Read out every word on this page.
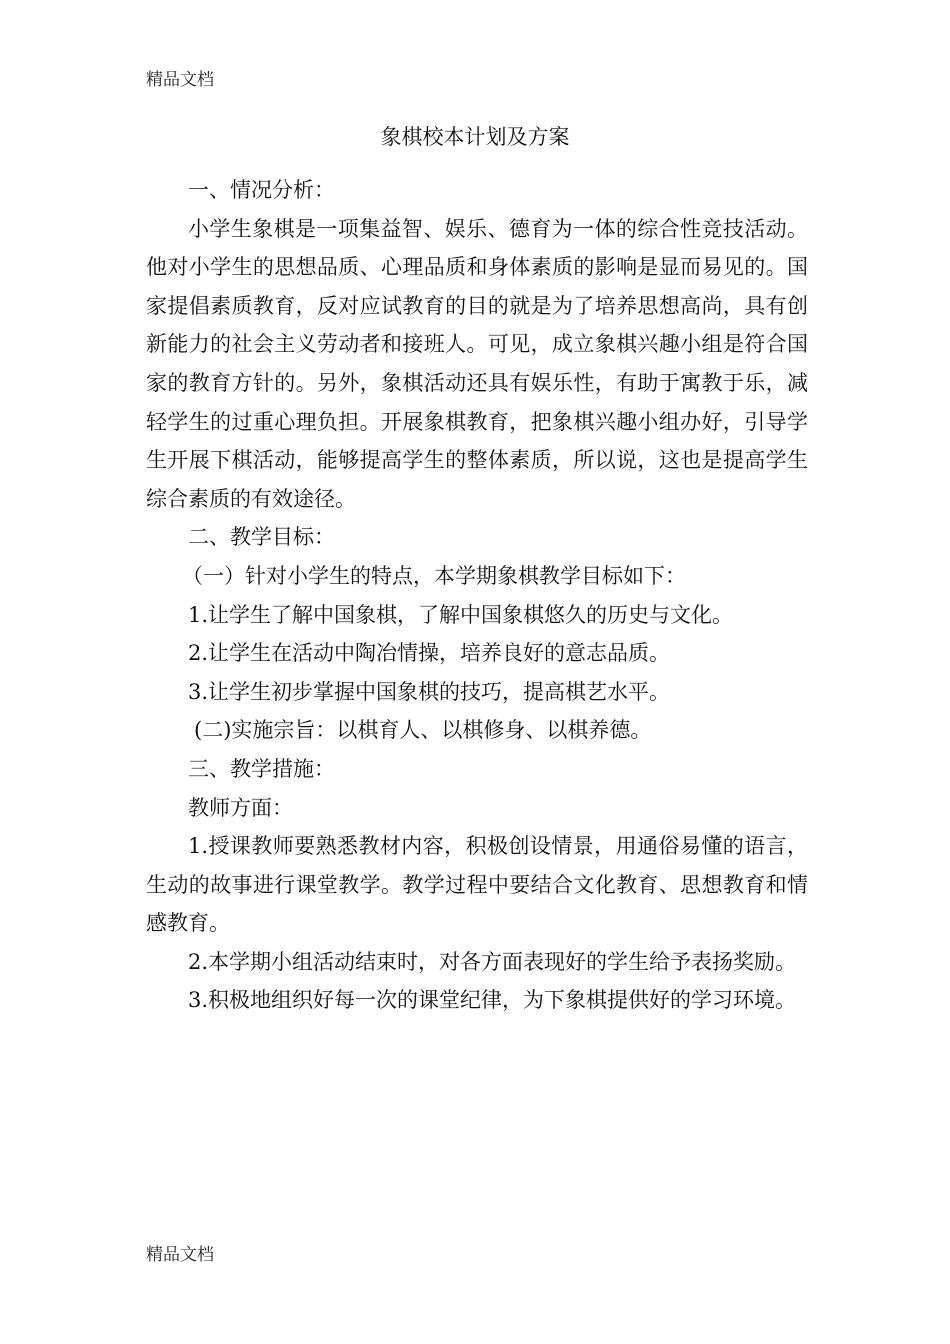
精品文档
象棋校本计划及方案

一、情况分析：

小学生象棋是一项集益智、娱乐、德育为一体的综合性竞技活动。他对小学生的思想品质、心理品质和身体素质的影响是显而易见的。国家提倡素质教育，反对应试教育的目的就是为了培养思想高尚，具有创新能力的社会主义劳动者和接班人。可见，成立象棋兴趣小组是符合国家的教育方针的。另外，象棋活动还具有娱乐性，有助于寓教于乐，减轻学生的过重心理负担。开展象棋教育，把象棋兴趣小组办好，引导学生开展下棋活动，能够提高学生的整体素质，所以说，这也是提高学生综合素质的有效途径。

二、教学目标：

（一）针对小学生的特点，本学期象棋教学目标如下：

1.让学生了解中国象棋，了解中国象棋悠久的历史与文化。

2.让学生在活动中陶冶情操，培养良好的意志品质。

3.让学生初步掌握中国象棋的技巧，提高棋艺水平。

(二)实施宗旨：以棋育人、以棋修身、以棋养德。

三、教学措施：

教师方面：

1.授课教师要熟悉教材内容，积极创设情景，用通俗易懂的语言，生动的故事进行课堂教学。教学过程中要结合文化教育、思想教育和情感教育。

2.本学期小组活动结束时，对各方面表现好的学生给予表扬奖励。

3.积极地组织好每一次的课堂纪律，为下象棋提供好的学习环境。

精品文档
